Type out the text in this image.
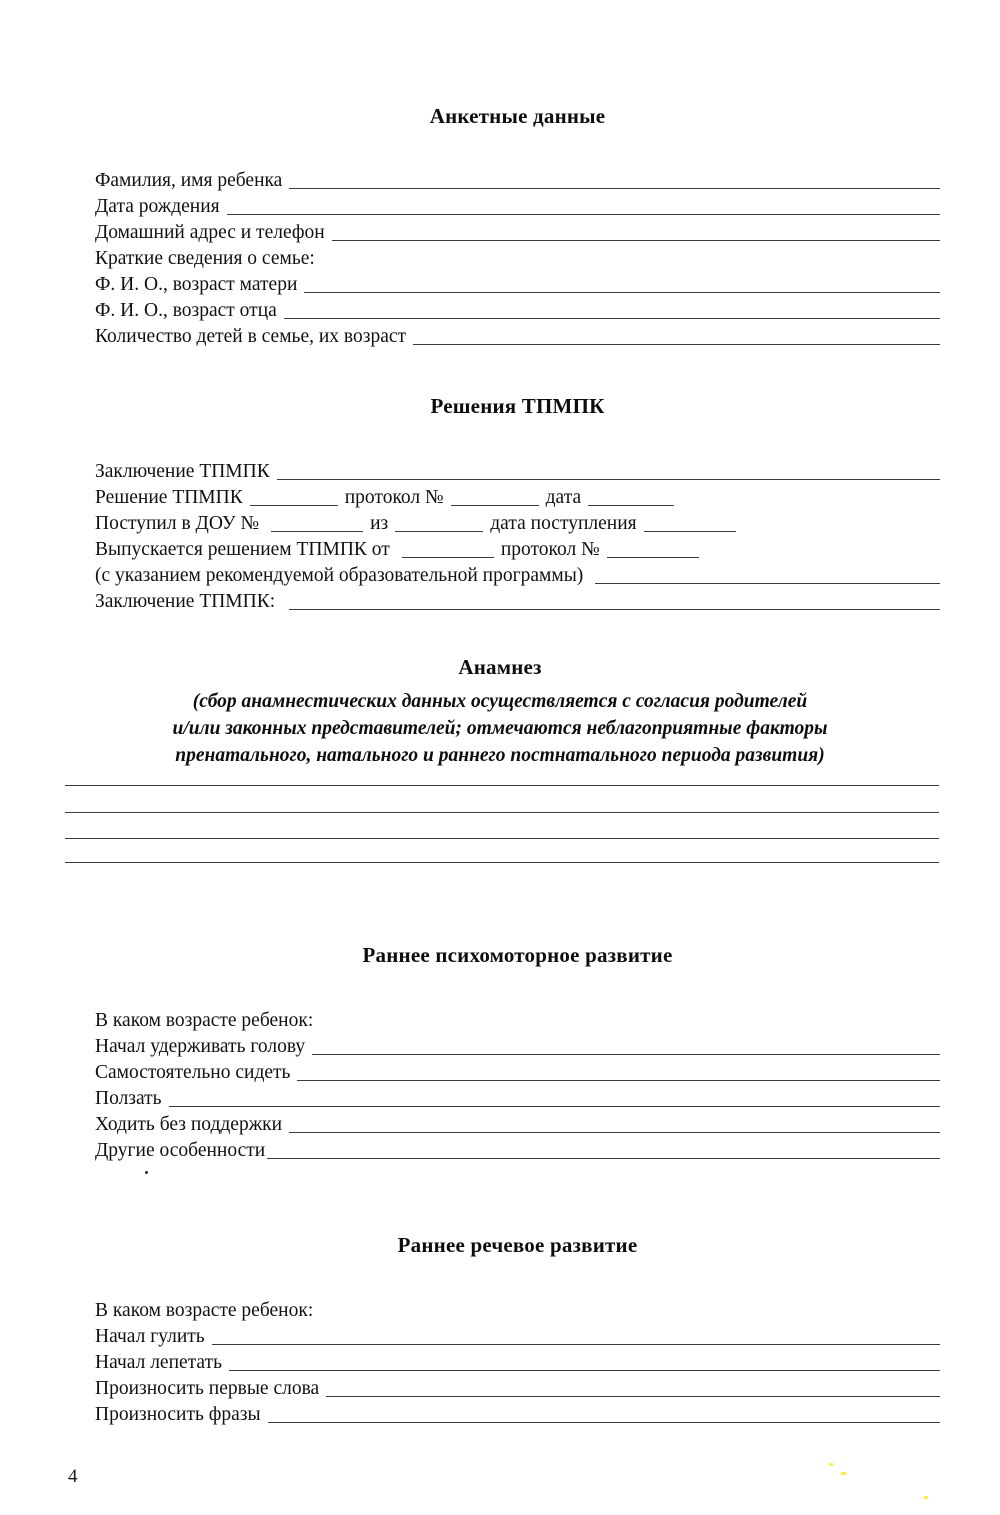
Анкетные данные
Фамилия, имя ребенка
Дата рождения
Домашний адрес и телефон
Краткие сведения о семье:
Ф. И. О., возраст матери
Ф. И. О., возраст отца
Количество детей в семье, их возраст
Решения ТПМПК
Заключение ТПМПК
Решение ТПМПК	протокол №	дата
Поступил в ДОУ №	из	дата поступления
Выпускается решением ТПМПК от	протокол №
(с указанием рекомендуемой образовательной программы)
Заключение ТПМПК:
Анамнез
(сбор анамнестических данных осуществляется с согласия родителей
и/или законных представителей; отмечаются неблагоприятные факторы
пренатального, натального и раннего постнатального периода развития)
Раннее психомоторное развитие
В каком возрасте ребенок:
Начал удерживать голову
Самостоятельно сидеть
Ползать
Ходить без поддержки
Другие особенности
Раннее речевое развитие
В каком возрасте ребенок:
Начал гулить
Начал лепетать
Произносить первые слова
Произносить фразы
4
